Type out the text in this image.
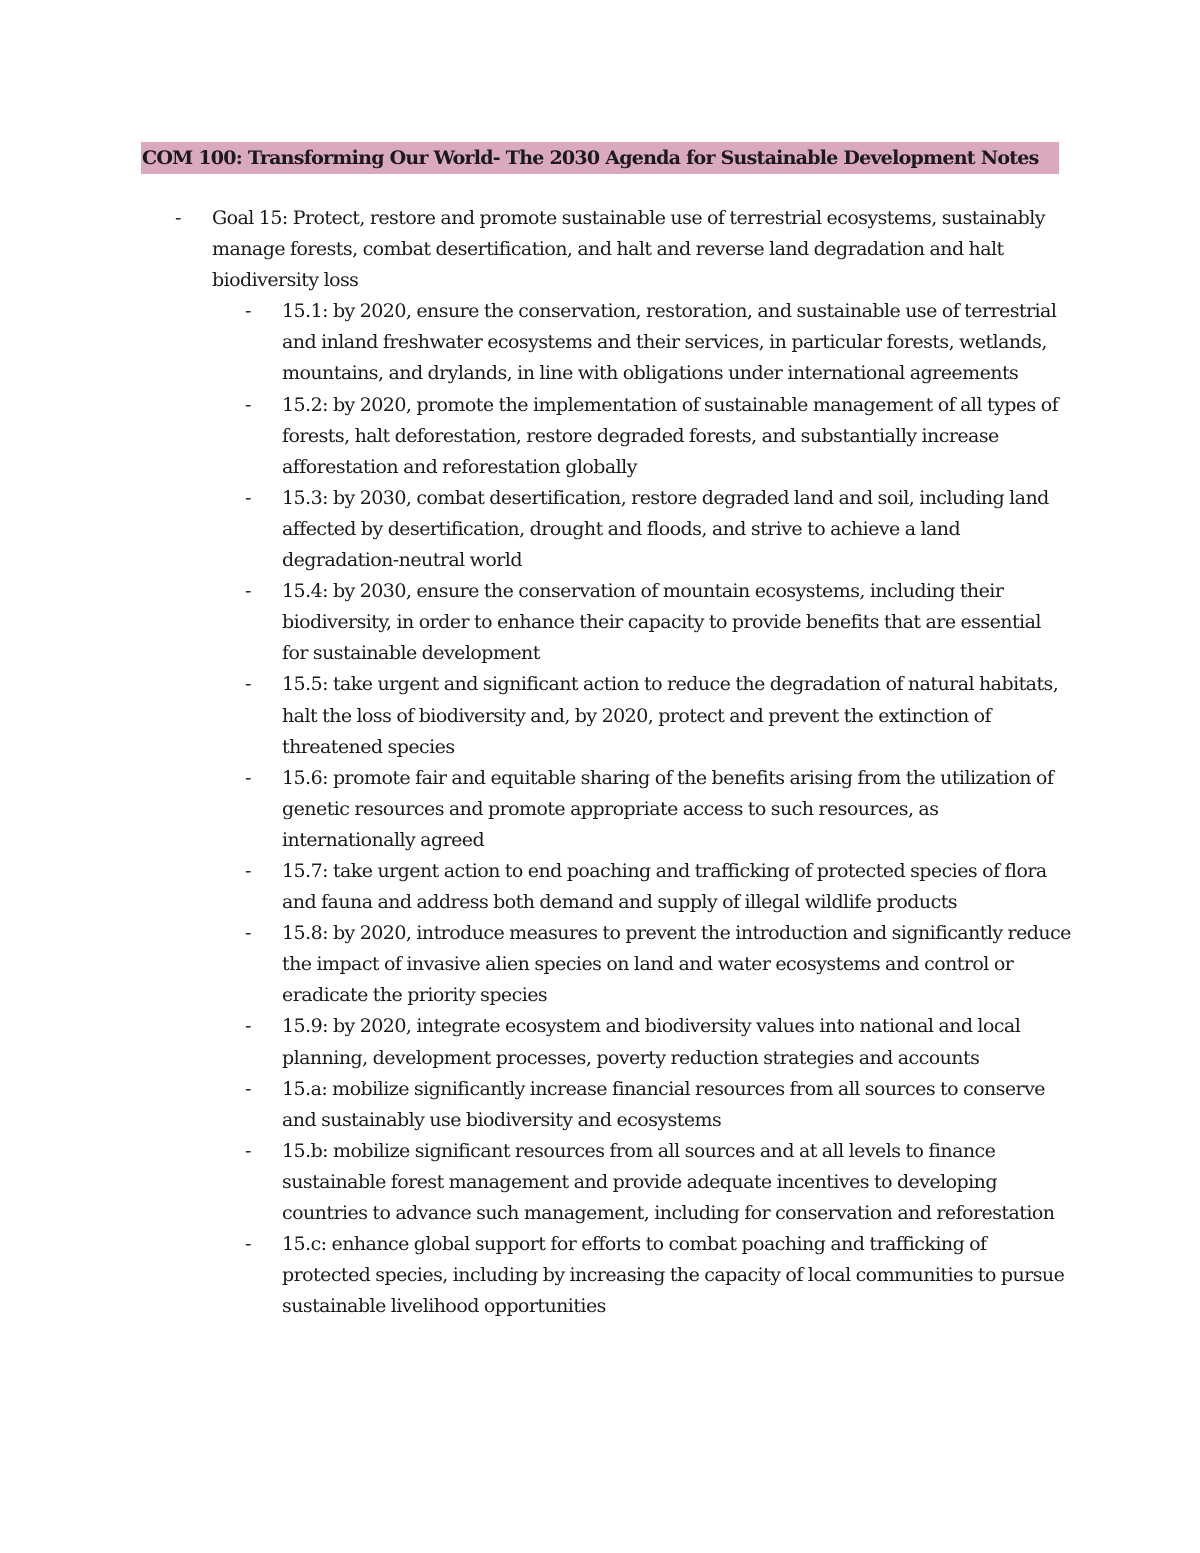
COM 100: Transforming Our World- The 2030 Agenda for Sustainable Development Notes
- Goal 15: Protect, restore and promote sustainable use of terrestrial ecosystems, sustainably manage forests, combat desertification, and halt and reverse land degradation and halt biodiversity loss
- 15.1: by 2020, ensure the conservation, restoration, and sustainable use of terrestrial and inland freshwater ecosystems and their services, in particular forests, wetlands, mountains, and drylands, in line with obligations under international agreements
- 15.2: by 2020, promote the implementation of sustainable management of all types of forests, halt deforestation, restore degraded forests, and substantially increase afforestation and reforestation globally
- 15.3: by 2030, combat desertification, restore degraded land and soil, including land affected by desertification, drought and floods, and strive to achieve a land degradation-neutral world
- 15.4: by 2030, ensure the conservation of mountain ecosystems, including their biodiversity, in order to enhance their capacity to provide benefits that are essential for sustainable development
- 15.5: take urgent and significant action to reduce the degradation of natural habitats, halt the loss of biodiversity and, by 2020, protect and prevent the extinction of threatened species
- 15.6: promote fair and equitable sharing of the benefits arising from the utilization of genetic resources and promote appropriate access to such resources, as internationally agreed
- 15.7: take urgent action to end poaching and trafficking of protected species of flora and fauna and address both demand and supply of illegal wildlife products
- 15.8: by 2020, introduce measures to prevent the introduction and significantly reduce the impact of invasive alien species on land and water ecosystems and control or eradicate the priority species
- 15.9: by 2020, integrate ecosystem and biodiversity values into national and local planning, development processes, poverty reduction strategies and accounts
- 15.a: mobilize significantly increase financial resources from all sources to conserve and sustainably use biodiversity and ecosystems
- 15.b: mobilize significant resources from all sources and at all levels to finance sustainable forest management and provide adequate incentives to developing countries to advance such management, including for conservation and reforestation
- 15.c: enhance global support for efforts to combat poaching and trafficking of protected species, including by increasing the capacity of local communities to pursue sustainable livelihood opportunities
